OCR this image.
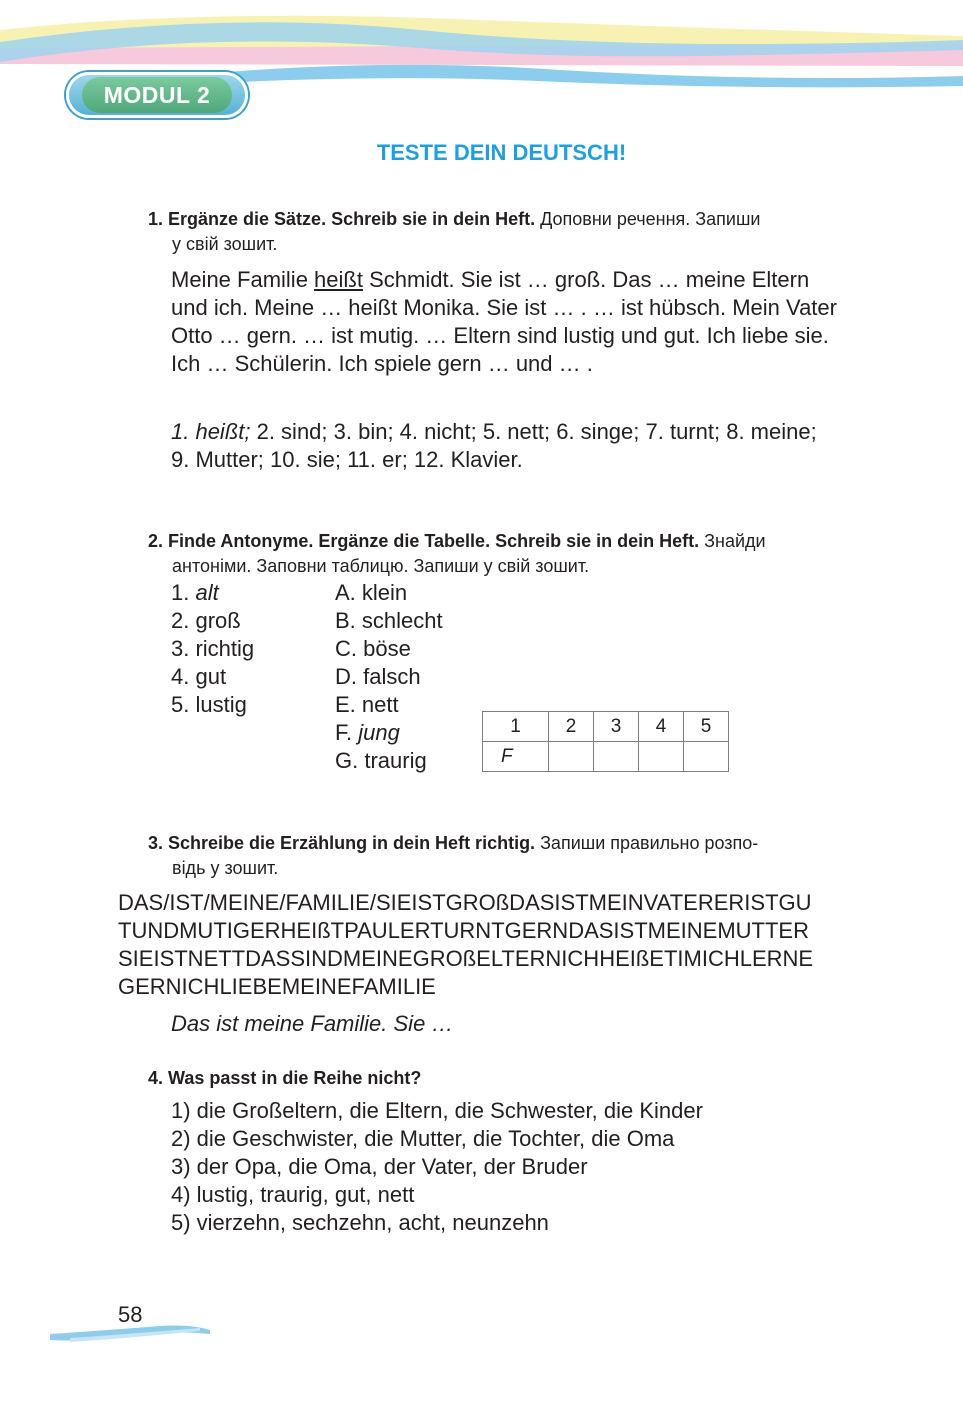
MODUL 2
TESTE DEIN DEUTSCH!
1. Ergänze die Sätze. Schreib sie in dein Heft. Доповни речення. Запиши
у свій зошит.
Meine Familie heißt Schmidt. Sie ist … groß. Das … meine Eltern
und ich. Meine … heißt Monika. Sie ist … . … ist hübsch. Mein Vater
Otto … gern. … ist mutig. … Eltern sind lustig und gut. Ich liebe sie.
Ich … Schülerin. Ich spiele gern … und … .
1. heißt; 2. sind; 3. bin; 4. nicht; 5. nett; 6. singe; 7. turnt; 8. meine;
9. Mutter; 10. sie; 11. er; 12. Klavier.
2. Finde Antonyme. Ergänze die Tabelle. Schreib sie in dein Heft. Знайди
антоніми. Заповни таблицю. Запиши у свій зошит.
1. alt
2. groß
3. richtig
4. gut
5. lustig
A. klein
B. schlecht
C. böse
D. falsch
E. nett
F. jung
G. traurig
1	2	3	4	5
F				
3. Schreibe die Erzählung in dein Heft richtig. Запиши правильно розпо-
відь у зошит.
DAS/IST/MEINE/FAMILIE/SIEISTGROßDASISTMEINVATERERISTGU
TUNDMUTIGERHEIßTPAULERTURNTGERNDASISTMEINEMUTTER
SIEISTNETTDASSINDMEINEGROßELTERNICHHEIßETIMICHLERNE
GERNICHLIEBEMEINEFAMILIE
Das ist meine Familie. Sie …
4. Was passt in die Reihe nicht?
1) die Großeltern, die Eltern, die Schwester, die Kinder
2) die Geschwister, die Mutter, die Tochter, die Oma
3) der Opa, die Oma, der Vater, der Bruder
4) lustig, traurig, gut, nett
5) vierzehn, sechzehn, acht, neunzehn
58
